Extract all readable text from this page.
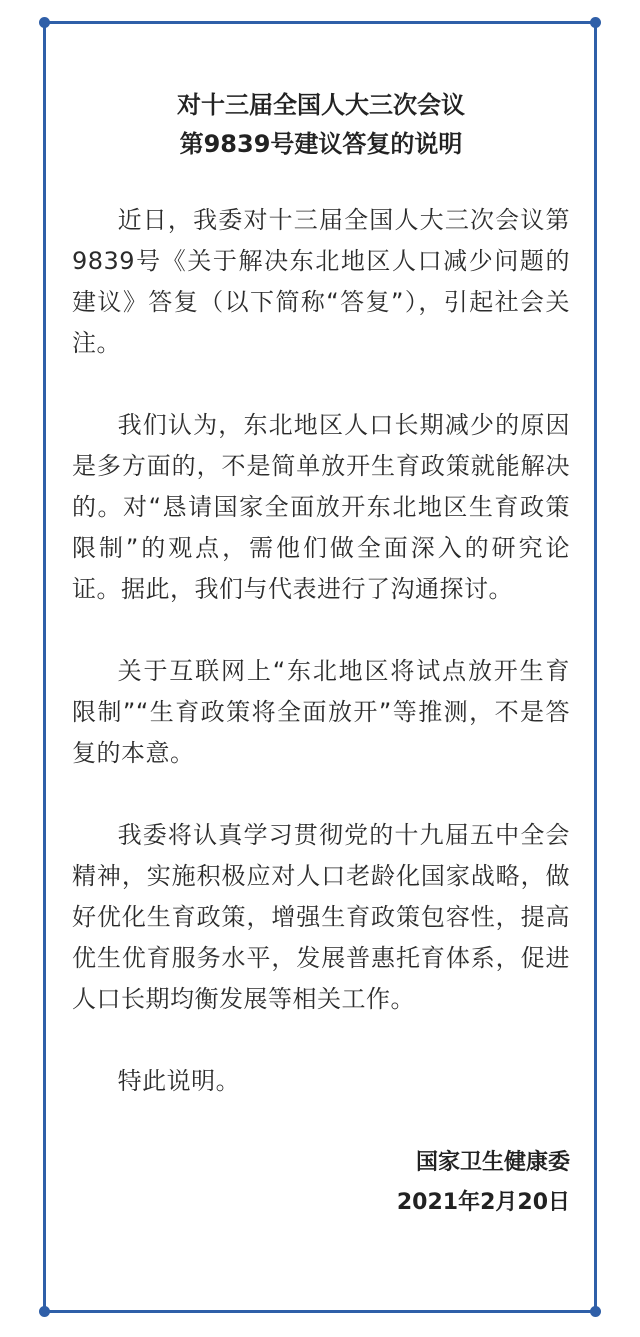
对十三届全国人大三次会议
第9839号建议答复的说明

近日，我委对十三届全国人大三次会议第9839号《关于解决东北地区人口减少问题的建议》答复（以下简称“答复”），引起社会关注。

我们认为，东北地区人口长期减少的原因是多方面的，不是简单放开生育政策就能解决的。对“恳请国家全面放开东北地区生育政策限制”的观点，需他们做全面深入的研究论证。据此，我们与代表进行了沟通探讨。

关于互联网上“东北地区将试点放开生育限制”“生育政策将全面放开”等推测，不是答复的本意。

我委将认真学习贯彻党的十九届五中全会精神，实施积极应对人口老龄化国家战略，做好优化生育政策，增强生育政策包容性，提高优生优育服务水平，发展普惠托育体系，促进人口长期均衡发展等相关工作。

特此说明。

国家卫生健康委
2021年2月20日
